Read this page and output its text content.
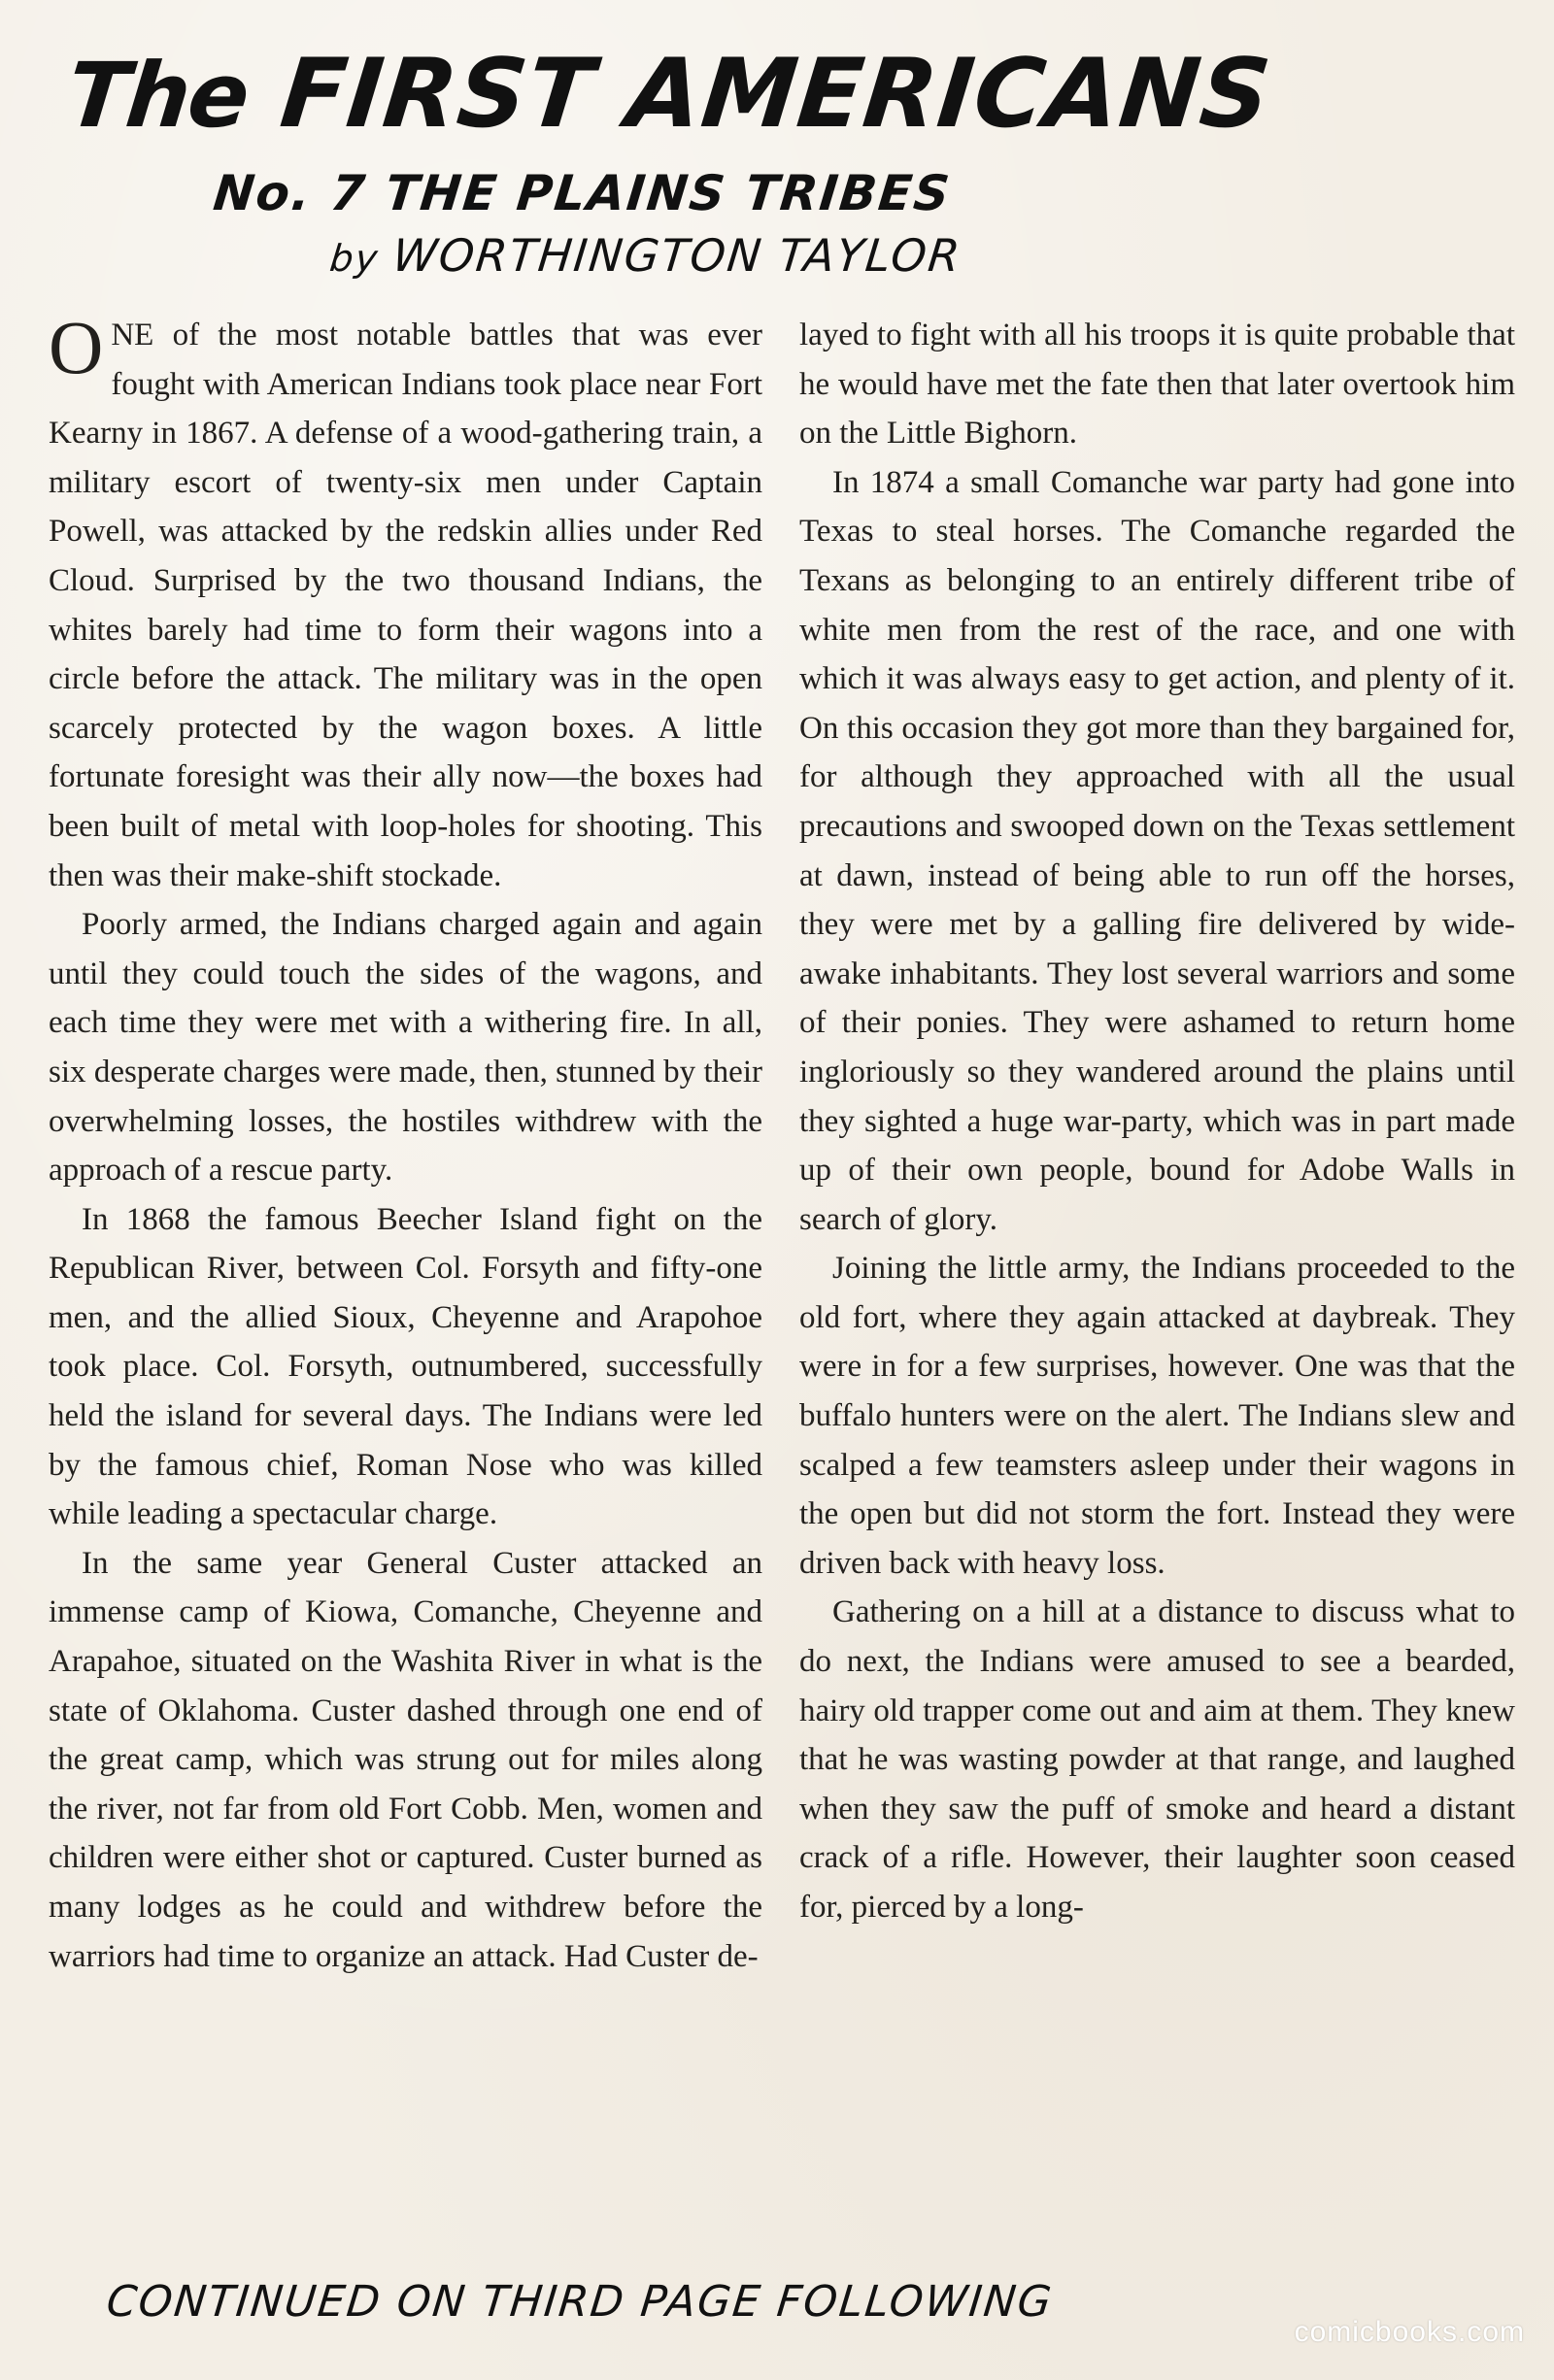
The FIRST AMERICANS
No. 7 THE PLAINS TRIBES
by WORTHINGTON TAYLOR

ONE of the most notable battles that was ever fought with American Indians took place near Fort Kearny in 1867. A defense of a wood-gathering train, a military escort of twenty-six men under Captain Powell, was attacked by the redskin allies under Red Cloud. Surprised by the two thousand Indians, the whites barely had time to form their wagons into a circle before the attack. The military was in the open scarcely protected by the wagon boxes. A little fortunate foresight was their ally now—the boxes had been built of metal with loop-holes for shooting. This then was their make-shift stockade.

Poorly armed, the Indians charged again and again until they could touch the sides of the wagons, and each time they were met with a withering fire. In all, six desperate charges were made, then, stunned by their overwhelming losses, the hostiles withdrew with the approach of a rescue party.

In 1868 the famous Beecher Island fight on the Republican River, between Col. Forsyth and fifty-one men, and the allied Sioux, Cheyenne and Arapohoe took place. Col. Forsyth, outnumbered, successfully held the island for several days. The Indians were led by the famous chief, Roman Nose who was killed while leading a spectacular charge.

In the same year General Custer attacked an immense camp of Kiowa, Comanche, Cheyenne and Arapahoe, situated on the Washita River in what is the state of Oklahoma. Custer dashed through one end of the great camp, which was strung out for miles along the river, not far from old Fort Cobb. Men, women and children were either shot or captured. Custer burned as many lodges as he could and withdrew before the warriors had time to organize an attack. Had Custer de-

layed to fight with all his troops it is quite probable that he would have met the fate then that later overtook him on the Little Bighorn.

In 1874 a small Comanche war party had gone into Texas to steal horses. The Comanche regarded the Texans as belonging to an entirely different tribe of white men from the rest of the race, and one with which it was always easy to get action, and plenty of it. On this occasion they got more than they bargained for, for although they approached with all the usual precautions and swooped down on the Texas settlement at dawn, instead of being able to run off the horses, they were met by a galling fire delivered by wide-awake inhabitants. They lost several warriors and some of their ponies. They were ashamed to return home ingloriously so they wandered around the plains until they sighted a huge war-party, which was in part made up of their own people, bound for Adobe Walls in search of glory.

Joining the little army, the Indians proceeded to the old fort, where they again attacked at daybreak. They were in for a few surprises, however. One was that the buffalo hunters were on the alert. The Indians slew and scalped a few teamsters asleep under their wagons in the open but did not storm the fort. Instead they were driven back with heavy loss.

Gathering on a hill at a distance to discuss what to do next, the Indians were amused to see a bearded, hairy old trapper come out and aim at them. They knew that he was wasting powder at that range, and laughed when they saw the puff of smoke and heard a distant crack of a rifle. However, their laughter soon ceased for, pierced by a long-

CONTINUED ON THIRD PAGE FOLLOWING
comicbooks.com
